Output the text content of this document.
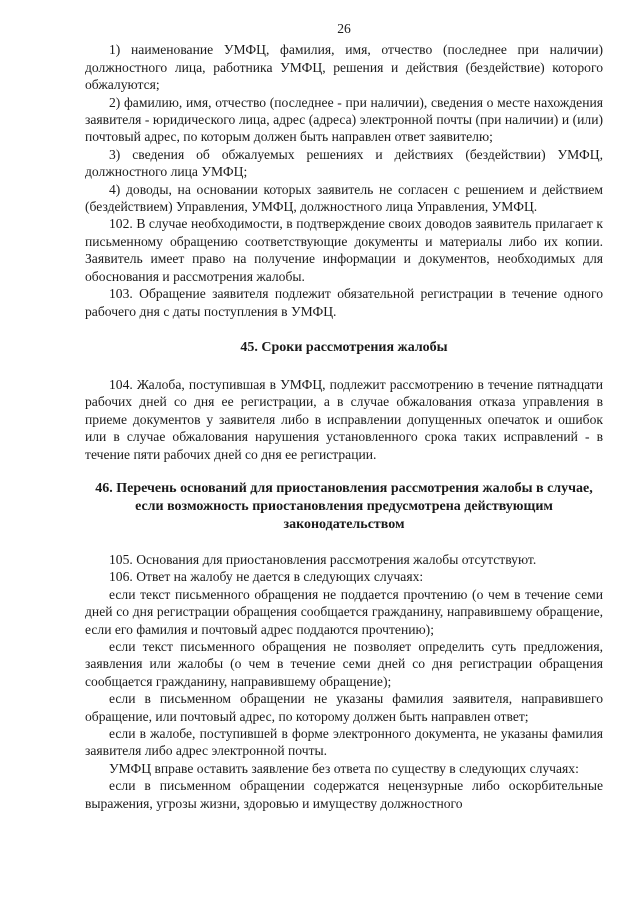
26

1) наименование УМФЦ, фамилия, имя, отчество (последнее при наличии) должностного лица, работника УМФЦ, решения и действия (бездействие) которого обжалуются;

2) фамилию, имя, отчество (последнее - при наличии), сведения о месте нахождения заявителя - юридического лица, адрес (адреса) электронной почты (при наличии) и (или) почтовый адрес, по которым должен быть направлен ответ заявителю;

3) сведения об обжалуемых решениях и действиях (бездействии) УМФЦ, должностного лица УМФЦ;

4) доводы, на основании которых заявитель не согласен с решением и действием (бездействием) Управления, УМФЦ, должностного лица Управления, УМФЦ.

102. В случае необходимости, в подтверждение своих доводов заявитель прилагает к письменному обращению соответствующие документы и материалы либо их копии. Заявитель имеет право на получение информации и документов, необходимых для обоснования и рассмотрения жалобы.

103. Обращение заявителя подлежит обязательной регистрации в течение одного рабочего дня с даты поступления в УМФЦ.

45. Сроки рассмотрения жалобы

104. Жалоба, поступившая в УМФЦ, подлежит рассмотрению в течение пятнадцати рабочих дней со дня ее регистрации, а в случае обжалования отказа управления в приеме документов у заявителя либо в исправлении допущенных опечаток и ошибок или в случае обжалования нарушения установленного срока таких исправлений - в течение пяти рабочих дней со дня ее регистрации.

46. Перечень оснований для приостановления рассмотрения жалобы в случае, если возможность приостановления предусмотрена действующим законодательством

105. Основания для приостановления рассмотрения жалобы отсутствуют.

106. Ответ на жалобу не дается в следующих случаях:

если текст письменного обращения не поддается прочтению (о чем в течение семи дней со дня регистрации обращения сообщается гражданину, направившему обращение, если его фамилия и почтовый адрес поддаются прочтению);

если текст письменного обращения не позволяет определить суть предложения, заявления или жалобы (о чем в течение семи дней со дня регистрации обращения сообщается гражданину, направившему обращение);

если в письменном обращении не указаны фамилия заявителя, направившего обращение, или почтовый адрес, по которому должен быть направлен ответ;

если в жалобе, поступившей в форме электронного документа, не указаны фамилия заявителя либо адрес электронной почты.

УМФЦ вправе оставить заявление без ответа по существу в следующих случаях:

если в письменном обращении содержатся нецензурные либо оскорбительные выражения, угрозы жизни, здоровью и имуществу должностного
